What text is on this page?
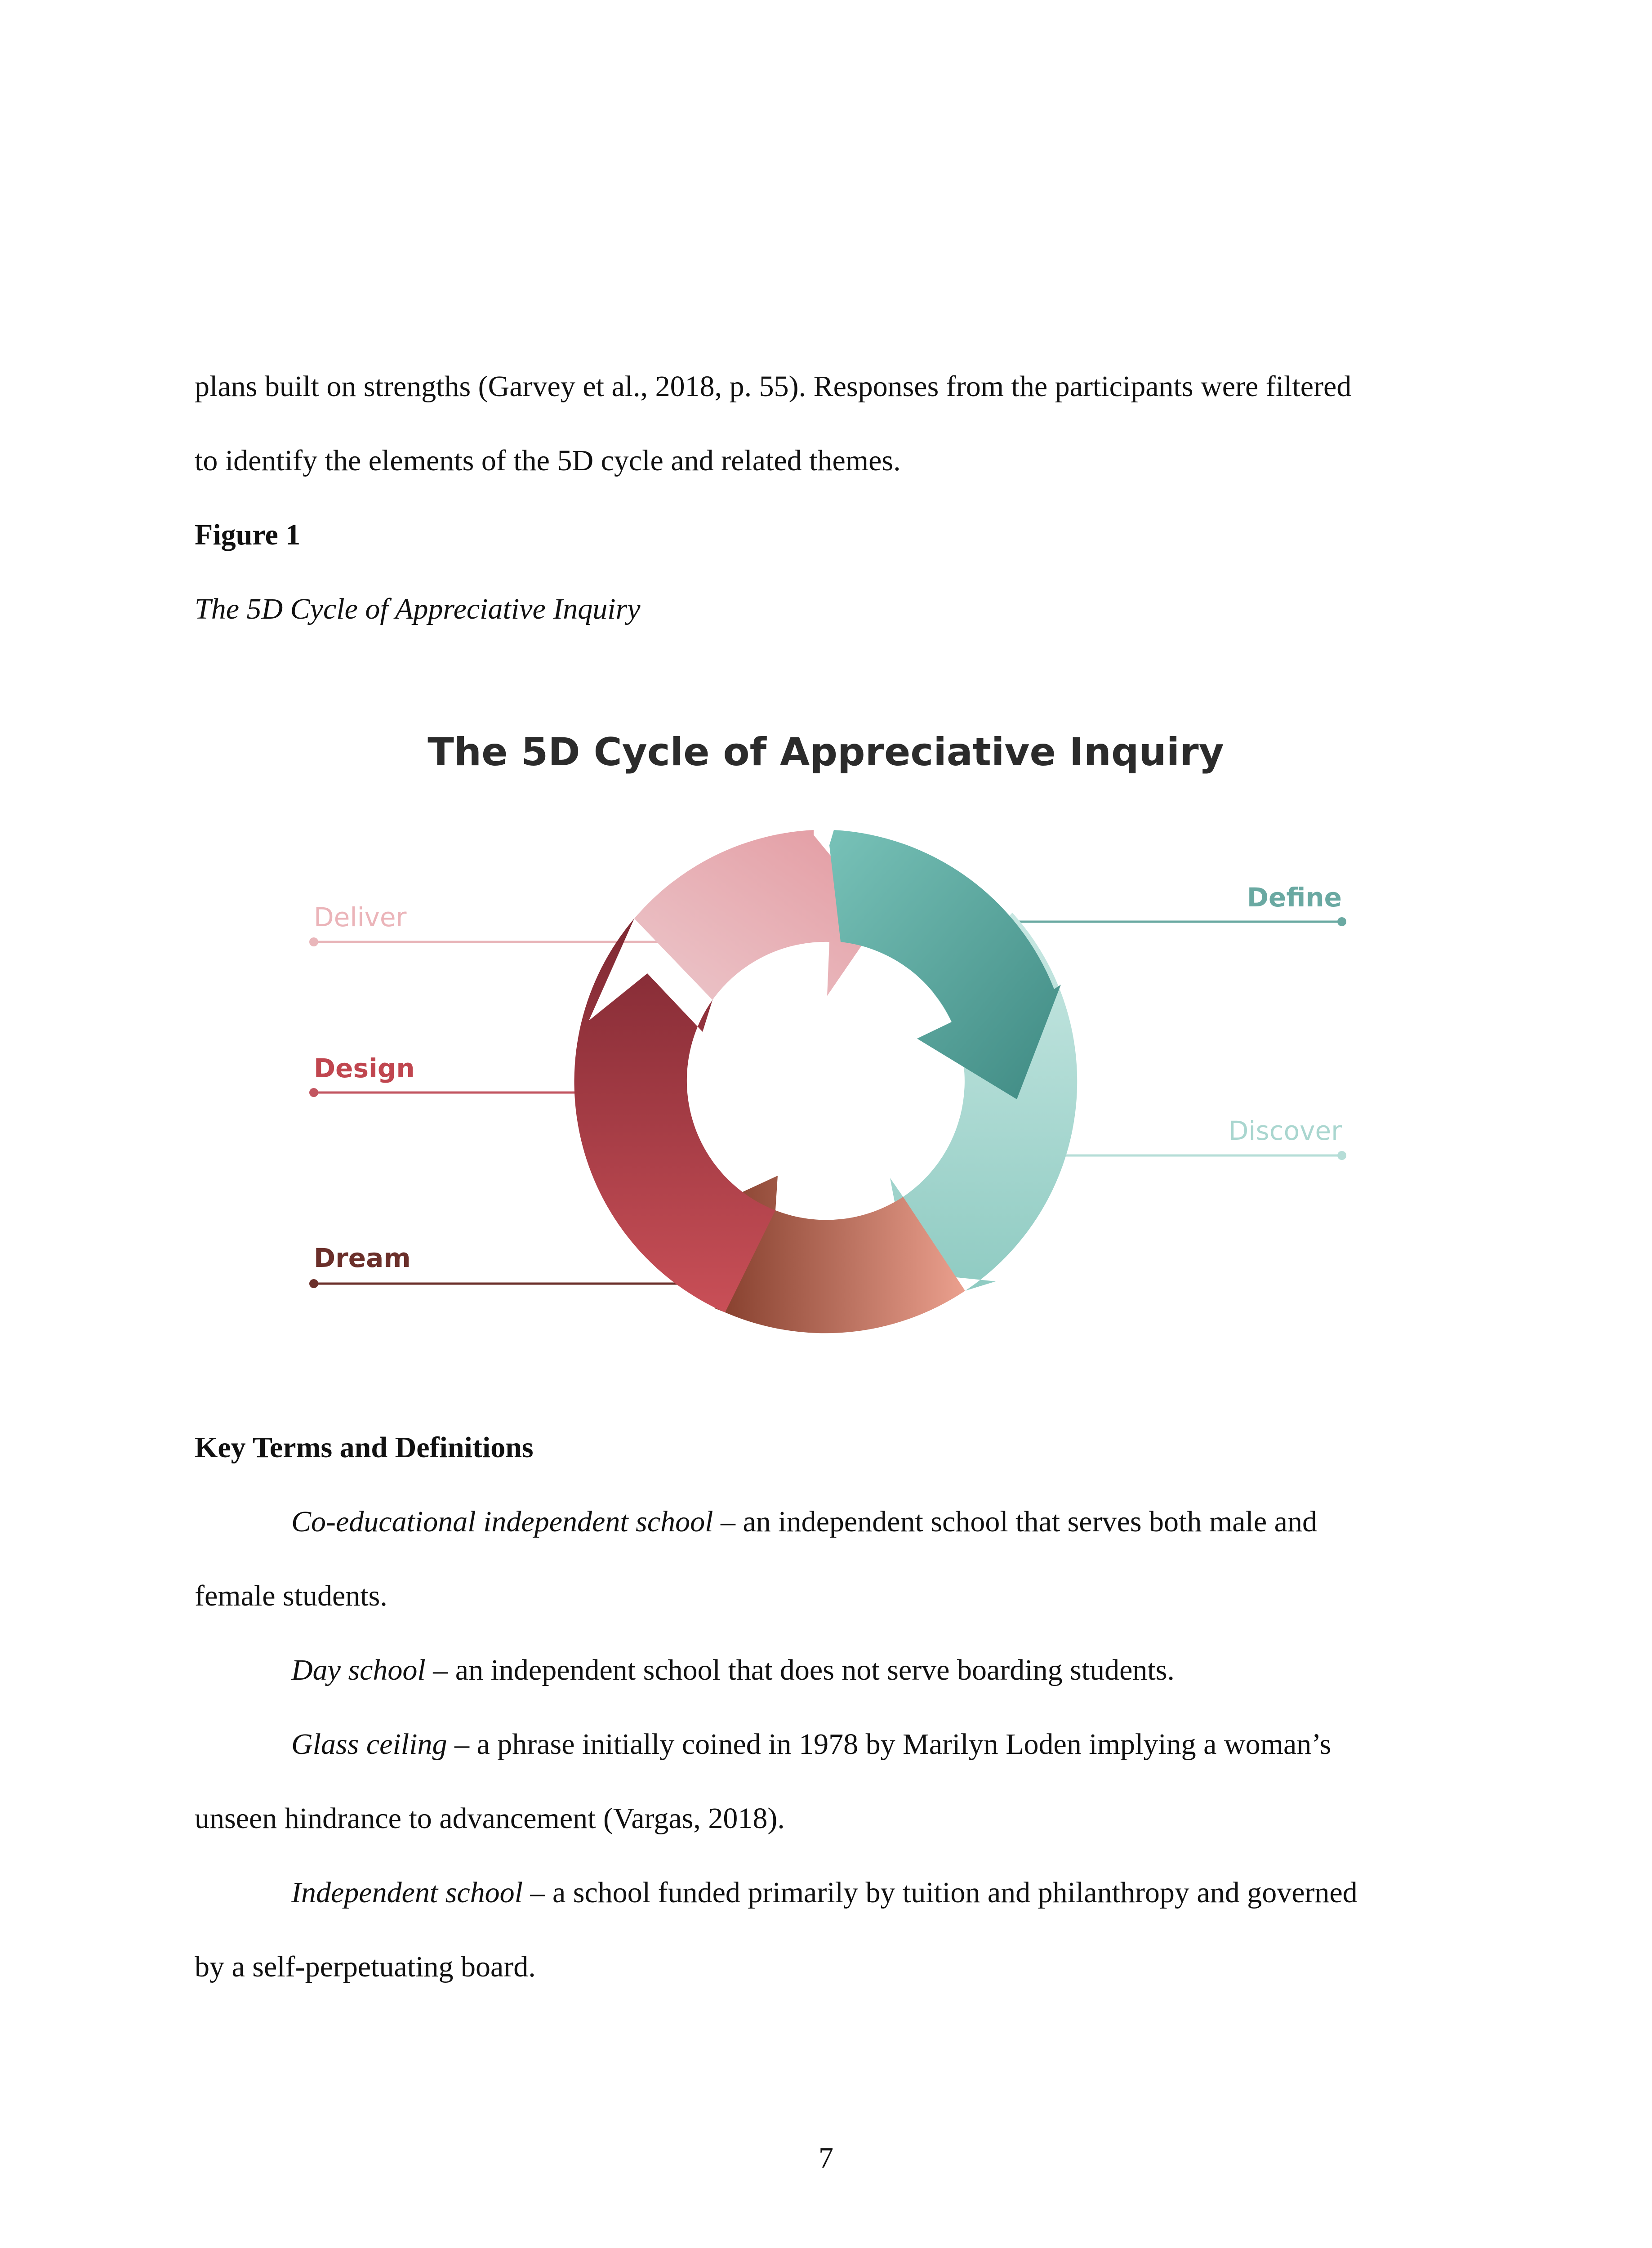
plans built on strengths (Garvey et al., 2018, p. 55). Responses from the participants were filtered

to identify the elements of the 5D cycle and related themes.

Figure 1

The 5D Cycle of Appreciative Inquiry

The 5D Cycle of Appreciative Inquiry
Deliver
Design
Dream
Define
Discover

Key Terms and Definitions

Co-educational independent school – an independent school that serves both male and

female students.

Day school – an independent school that does not serve boarding students.

Glass ceiling – a phrase initially coined in 1978 by Marilyn Loden implying a woman’s

unseen hindrance to advancement (Vargas, 2018).

Independent school – a school funded primarily by tuition and philanthropy and governed

by a self-perpetuating board.

7
